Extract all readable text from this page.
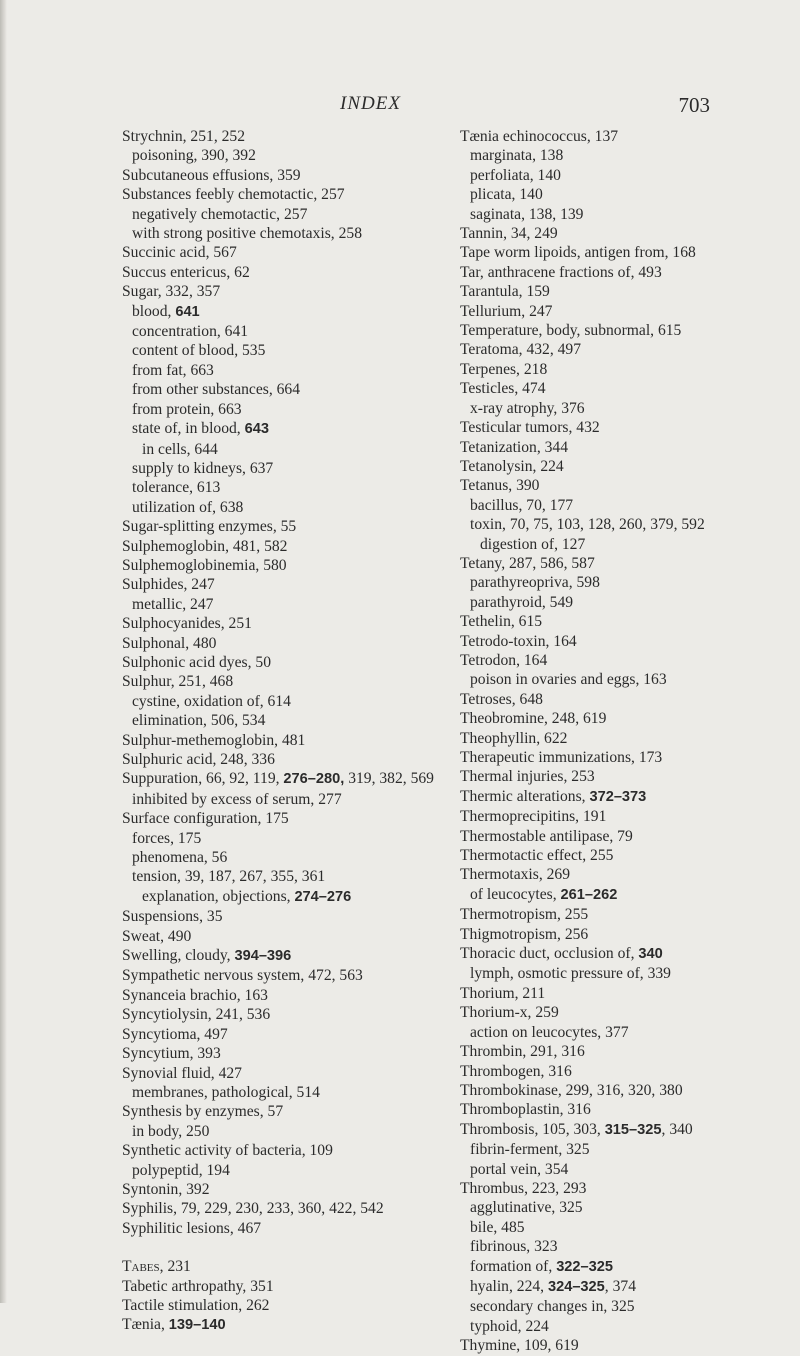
INDEX	703
Strychnin, 251, 252
poisoning, 390, 392
Subcutaneous effusions, 359
Substances feebly chemotactic, 257
negatively chemotactic, 257
with strong positive chemotaxis, 258
Succinic acid, 567
Succus entericus, 62
Sugar, 332, 357
blood, 641
concentration, 641
content of blood, 535
from fat, 663
from other substances, 664
from protein, 663
state of, in blood, 643
in cells, 644
supply to kidneys, 637
tolerance, 613
utilization of, 638
Sugar-splitting enzymes, 55
Sulphemoglobin, 481, 582
Sulphemoglobinemia, 580
Sulphides, 247
metallic, 247
Sulphocyanides, 251
Sulphonal, 480
Sulphonic acid dyes, 50
Sulphur, 251, 468
cystine, oxidation of, 614
elimination, 506, 534
Sulphur-methemoglobin, 481
Sulphuric acid, 248, 336
Suppuration, 66, 92, 119, 276–280, 319, 382, 569
inhibited by excess of serum, 277
Surface configuration, 175
forces, 175
phenomena, 56
tension, 39, 187, 267, 355, 361
explanation, objections, 274–276
Suspensions, 35
Sweat, 490
Swelling, cloudy, 394–396
Sympathetic nervous system, 472, 563
Synanceia brachio, 163
Syncytiolysin, 241, 536
Syncytioma, 497
Syncytium, 393
Synovial fluid, 427
membranes, pathological, 514
Synthesis by enzymes, 57
in body, 250
Synthetic activity of bacteria, 109
polypeptid, 194
Syntonin, 392
Syphilis, 79, 229, 230, 233, 360, 422, 542
Syphilitic lesions, 467
Tabes, 231
Tabetic arthropathy, 351
Tactile stimulation, 262
Tænia, 139–140
Tænia echinococcus, 137
marginata, 138
perfoliata, 140
plicata, 140
saginata, 138, 139
Tannin, 34, 249
Tape worm lipoids, antigen from, 168
Tar, anthracene fractions of, 493
Tarantula, 159
Tellurium, 247
Temperature, body, subnormal, 615
Teratoma, 432, 497
Terpenes, 218
Testicles, 474
x-ray atrophy, 376
Testicular tumors, 432
Tetanization, 344
Tetanolysin, 224
Tetanus, 390
bacillus, 70, 177
toxin, 70, 75, 103, 128, 260, 379, 592
digestion of, 127
Tetany, 287, 586, 587
parathyreopriva, 598
parathyroid, 549
Tethelin, 615
Tetrodo-toxin, 164
Tetrodon, 164
poison in ovaries and eggs, 163
Tetroses, 648
Theobromine, 248, 619
Theophyllin, 622
Therapeutic immunizations, 173
Thermal injuries, 253
Thermic alterations, 372–373
Thermoprecipitins, 191
Thermostable antilipase, 79
Thermotactic effect, 255
Thermotaxis, 269
of leucocytes, 261–262
Thermotropism, 255
Thigmotropism, 256
Thoracic duct, occlusion of, 340
lymph, osmotic pressure of, 339
Thorium, 211
Thorium-x, 259
action on leucocytes, 377
Thrombin, 291, 316
Thrombogen, 316
Thrombokinase, 299, 316, 320, 380
Thromboplastin, 316
Thrombosis, 105, 303, 315–325, 340
fibrin-ferment, 325
portal vein, 354
Thrombus, 223, 293
agglutinative, 325
bile, 485
fibrinous, 323
formation of, 322–325
hyalin, 224, 324–325, 374
secondary changes in, 325
typhoid, 224
Thymine, 109, 619
